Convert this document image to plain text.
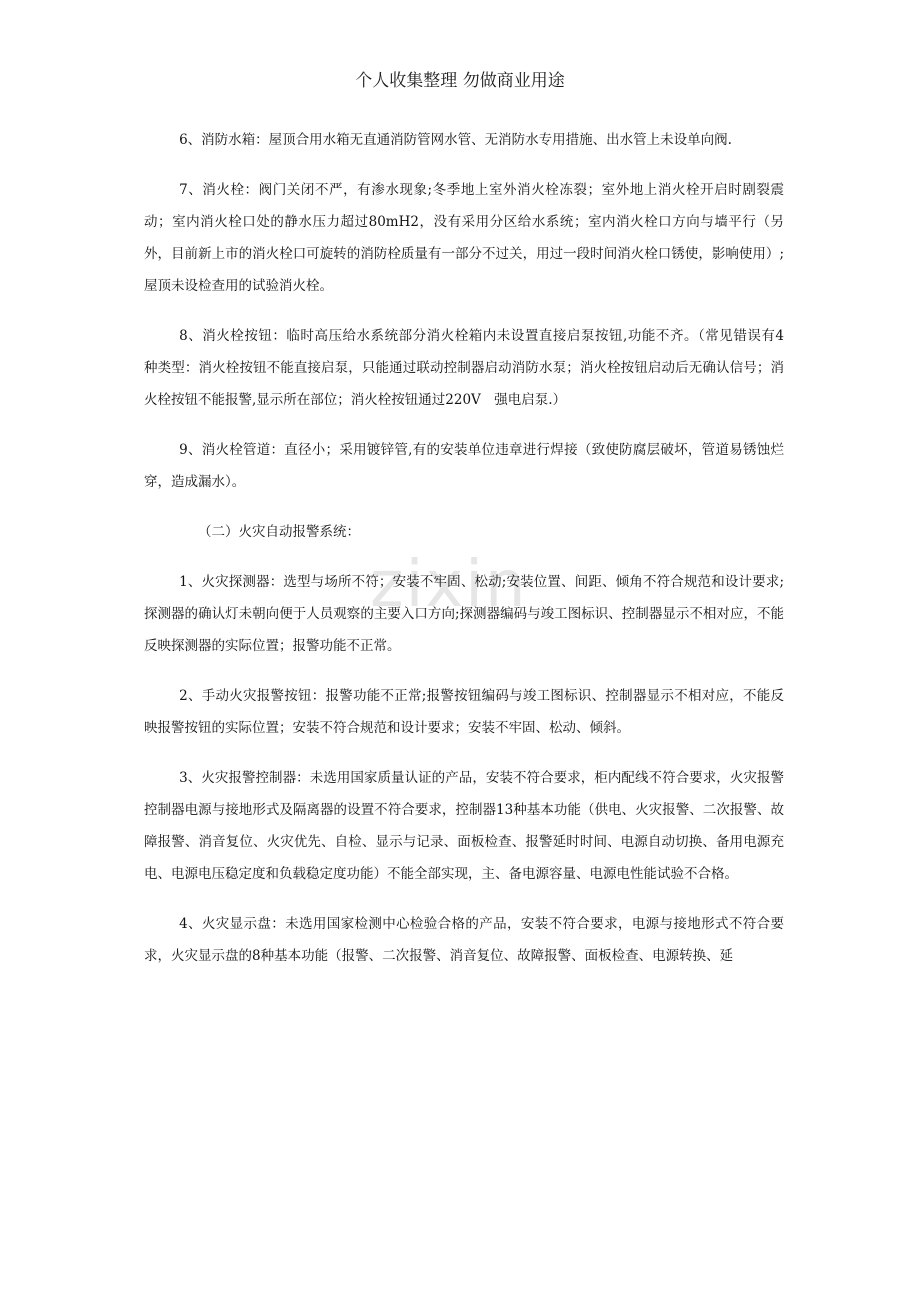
个人收集整理 勿做商业用途
zixin

6、消防水箱：屋顶合用水箱无直通消防管网水管、无消防水专用措施、出水管上未设单向阀.

7、消火栓：阀门关闭不严，有渗水现象;冬季地上室外消火栓冻裂；室外地上消火栓开启时剧裂震动；室内消火栓口处的静水压力超过80mH2，没有采用分区给水系统；室内消火栓口方向与墙平行（另外，目前新上市的消火栓口可旋转的消防栓质量有一部分不过关，用过一段时间消火栓口锈使，影响使用）;屋顶未设检查用的试验消火栓。

8、消火栓按钮：临时高压给水系统部分消火栓箱内未设置直接启泵按钮,功能不齐。（常见错误有4　种类型：消火栓按钮不能直接启泵，只能通过联动控制器启动消防水泵；消火栓按钮启动后无确认信号；消火栓按钮不能报警,显示所在部位；消火栓按钮通过220V　强电启泵.）

9、消火栓管道：直径小；采用镀锌管,有的安装单位违章进行焊接（致使防腐层破坏，管道易锈蚀烂穿，造成漏水）。

（二）火灾自动报警系统：

1、火灾探测器：选型与场所不符；安装不牢固、松动;安装位置、间距、倾角不符合规范和设计要求;探测器的确认灯未朝向便于人员观察的主要入口方向;探测器编码与竣工图标识、控制器显示不相对应，不能反映探测器的实际位置；报警功能不正常。

2、手动火灾报警按钮：报警功能不正常;报警按钮编码与竣工图标识、控制器显示不相对应，不能反映报警按钮的实际位置；安装不符合规范和设计要求；安装不牢固、松动、倾斜。

3、火灾报警控制器：未选用国家质量认证的产品，安装不符合要求，柜内配线不符合要求，火灾报警控制器电源与接地形式及隔离器的设置不符合要求，控制器13种基本功能（供电、火灾报警、二次报警、故障报警、消音复位、火灾优先、自检、显示与记录、面板检查、报警延时时间、电源自动切换、备用电源充电、电源电压稳定度和负载稳定度功能）不能全部实现，主、备电源容量、电源电性能试验不合格。

4、火灾显示盘：未选用国家检测中心检验合格的产品，安装不符合要求，电源与接地形式不符合要求，火灾显示盘的8种基本功能（报警、二次报警、消音复位、故障报警、面板检查、电源转换、延
